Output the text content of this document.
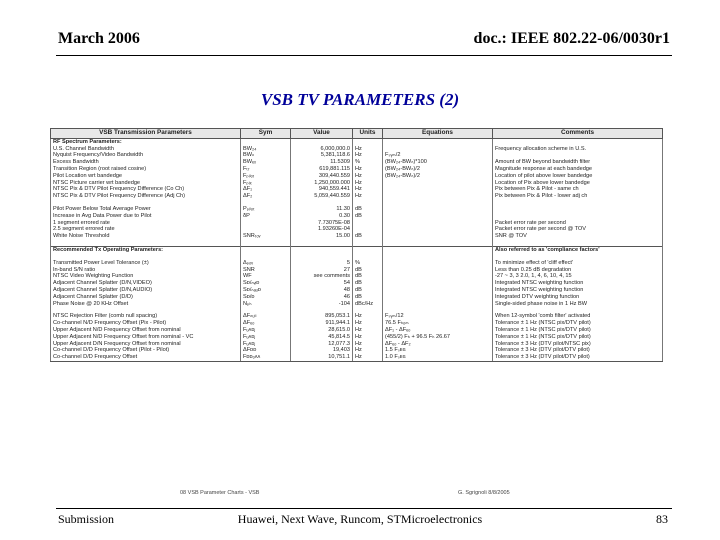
March 2006	doc.: IEEE 802.22-06/0030r1
VSB TV PARAMETERS (2)
VSB Transmission Parameters	Sym	Value	Units	Equations	Comments
RF Spectrum Parameters:					
U.S. Channel Bandwidth	BW₂₄	6,000,000.0	Hz		Frequency allocation scheme in U.S.
Nyquist Frequency/Video Bandwidth	BWₙ	5,381,118.6	Hz	Fₛᵧₘ/2	
Excess Bandwidth	BWₑₓ	11.5309	%	(BW₂₄-BWₙ)*100	Amount of BW beyond bandwidth filter
Transition Region (root raised cosine)	Fₜᵣ	619,881.115	Hz	(BW₂₄-BWₙ)/2	Magnitude response at each bandedge
Pilot Location wrt bandedge	Fₚᵢₗₒₜ	309,440.559	Hz	(BW₂₄-BWₙ)/2	Location of pilot above lower bandedge
NTSC Picture carrier wrt bandedge	Fₚᵢₓ	1,250,000.000	Hz		Location of Pix above lower bandedge
NTSC Pix & DTV Pilot Frequency Difference (Co Ch)	ΔF₁	940,559.441	Hz		Pix between Pix & Pilot - same ch
NTSC Pix & DTV Pilot Frequency Difference (Adj Ch)	ΔF₂	5,059,440.559	Hz		Pix between Pix & Pilot - lower adj ch

Pilot Power Below Total Average Power	Pₚᵢₗₒₜ	11.30	dB		
Increase in Avg Data Power due to Pilot	δP	0.30	dB		
1 segment errored rate		7.73075E-08			Packet error rate per second
2.5 segment errored rate		1.93260E-04			Packet error rate per second @ TOV
White Noise Threshold	SNRₜₒᵥ	15.00	dB		SNR @ TOV

Recommended Tx Operating Parameters:					Also referred to as 'compliance factors'

Transmitted Power Level Tolerance (±)	Δₚₒᵥ	5	%		To minimize effect of 'cliff effect'
In-band S/N ratio	SNR	27	dB		Less than 0.25 dB degradation
NTSC Video Weighting Function	WF	see comments	dB		-27 ~ 3, 3 2.0, 1, 4, 6, 10, 4, 15
Adjacent Channel Splatter (D/N,VIDEO)	Sᴅ/ₙᵥᵢᴅ	54	dB		Integrated NTSC weighting function
Adjacent Channel Splatter (D/N,AUDIO)	Sᴅ/ₙₐᵤᴅ	48	dB		Integrated NTSC weighting function
Adjacent Channel Splatter (D/D)	Sᴅ/ᴅ	46	dB		Integrated DTV weighting function
Phase Noise @ 20 KHz Offset	Nₚₕ	-104	dBc/Hz		Single-sided phase noise in 1 Hz BW

NTSC Rejection Filter (comb null spacing)	ΔFₙᵤₗₗ	895,053.1	Hz	Fₛᵧₘ/12	When 12-symbol 'comb filter' activated
Co-channel N/D Frequency Offset (Pix - Pilot)	ΔFₑₒ	911,944.1	Hz	76.5 Fₕₒₘ	Tolerance ± 1 Hz (NTSC pix/DTV pilot)
Upper Adjacent N/D Frequency Offset from nominal	Fᵤᴀᴅⱼ	28,615.0	Hz	ΔF₁ - ΔFₑₒ	Tolerance ± 1 Hz (NTSC pix/DTV pilot)
Upper Adjacent N/D Frequency Offset from nominal - VC	Fᵤᴀᴅⱼ	45,814.5	Hz	(455/2) Fₕ + 96.5 Fₕ 26.67	Tolerance ± 1 Hz (NTSC pix/DTV pilot)
Upper Adjacent D/N Frequency Offset from nominal	Fᵤᴀᴅⱼ	12,077.3	Hz	ΔFₑₒ - ΔF₂	Tolerance ± 3 Hz (DTV pilot/NTSC pix)
Co-channel D/D Frequency Offset (Pilot - Pilot)	ΔFᴅᴅ	19,403	Hz	1.5 Fₛᴇɢ	Tolerance ± 3 Hz (DTV pilot/DTV pilot)
Co-channel D/D Frequency Offset	Fᴅᴅₒᴀᴀ	10,751.1	Hz	1.0 Fₛᴇɢ	Tolerance ± 3 Hz (DTV pilot/DTV pilot)
08 VSB Parameter Charts - VSB	G. Sgrignoli 8/8/2005
Submission	Huawei, Next Wave, Runcom, STMicroelectronics	83
